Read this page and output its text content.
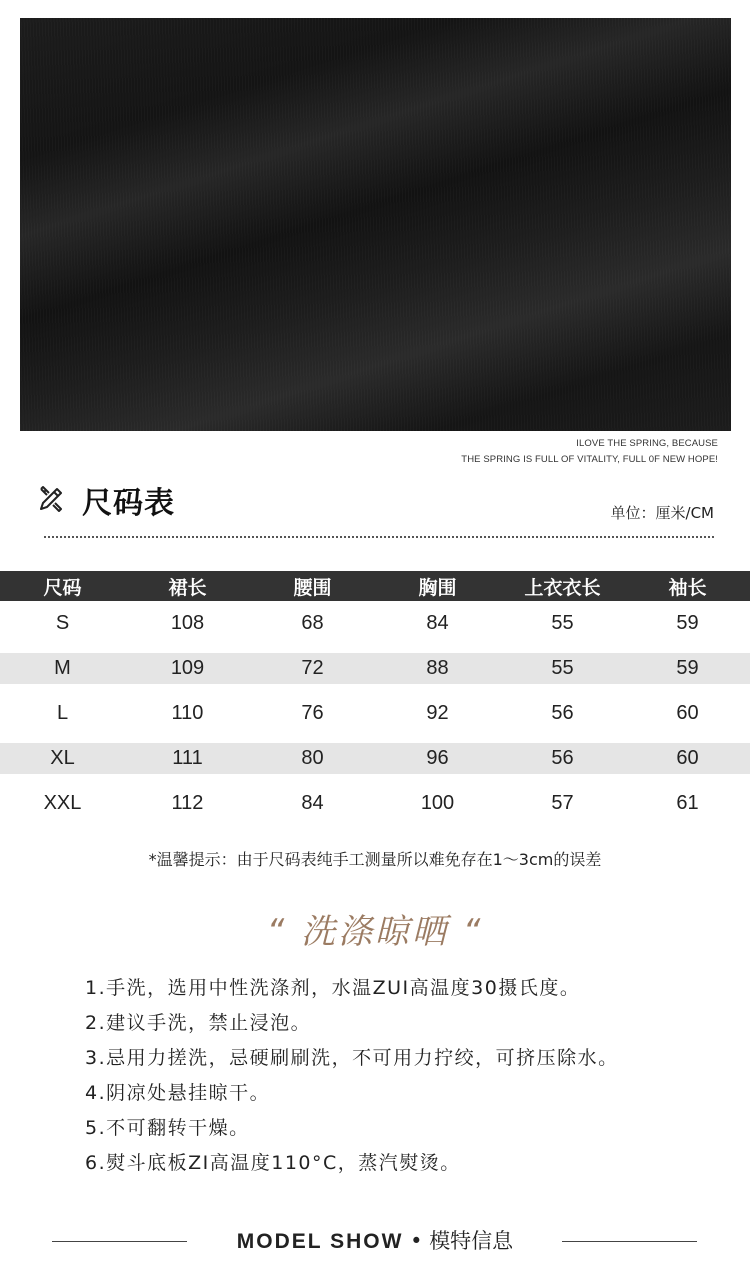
ILOVE THE SPRING, BECAUSE
THE SPRING IS FULL OF VITALITY, FULL 0F NEW HOPE!
尺码表	单位：厘米/CM
尺码	裙长	腰围	胸围	上衣衣长	袖长
S	108	68	84	55	59
M	109	72	88	55	59
L	110	76	92	56	60
XL	111	80	96	56	60
XXL	112	84	100	57	61
*温馨提示：由于尺码表纯手工测量所以难免存在1～3cm的误差
“ 洗涤晾晒 “
1.手洗，选用中性洗涤剂，水温ZUI高温度30摄氏度。
2.建议手洗，禁止浸泡。
3.忌用力搓洗，忌硬刷刷洗，不可用力拧绞，可挤压除水。
4.阴凉处悬挂晾干。
5.不可翻转干燥。
6.熨斗底板ZI高温度110°C，蒸汽熨烫。
MODEL SHOW • 模特信息
